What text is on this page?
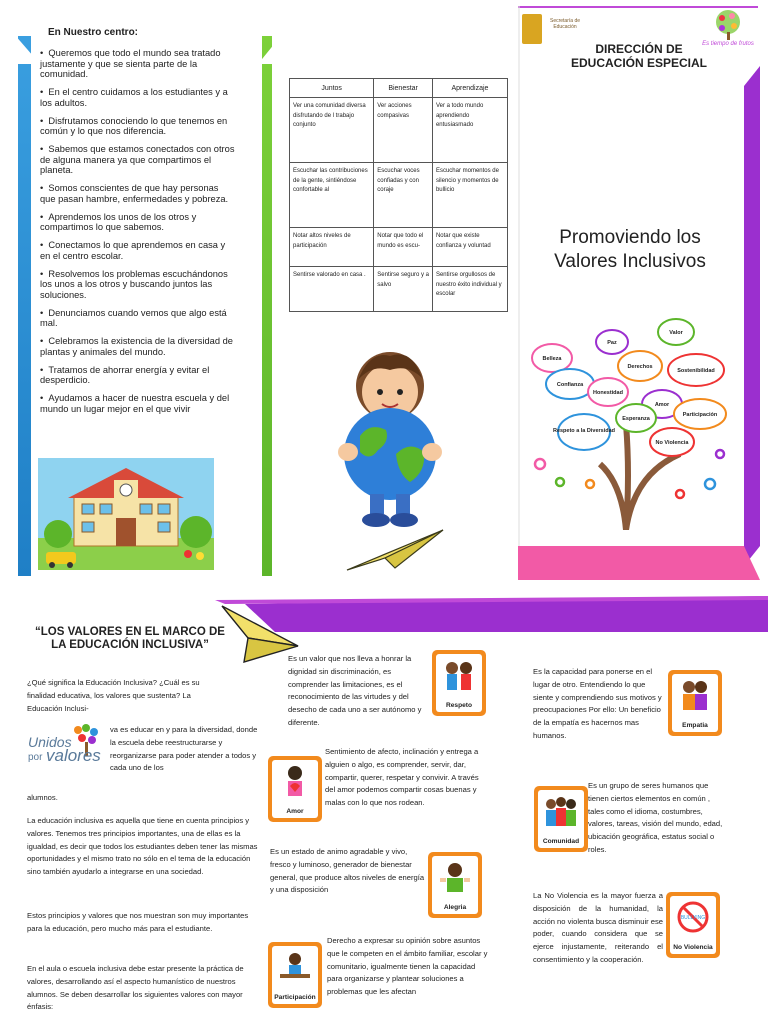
En Nuestro centro:
•  Queremos que todo el mundo sea tratado justamente y que se sienta parte de la comunidad.
•  En el centro cuidamos a los estudiantes y a los adultos.
•  Disfrutamos conociendo lo que tenemos en común y lo que nos diferencia.
•  Sabemos que estamos conectados con otros de alguna manera ya que compartimos el planeta.
•  Somos conscientes de que hay personas que pasan hambre, enfermedades y pobreza.
•  Aprendemos los unos de los otros y compartimos lo que sabemos.
•  Conectamos lo que aprendemos en casa y en el centro escolar.
•  Resolvemos los problemas escuchándonos los unos a los otros y buscando juntos las soluciones.
•  Denunciamos cuando vemos que algo está mal.
•  Celebramos la existencia de la diversidad de plantas y animales del mundo.
•  Tratamos de ahorrar energía y evitar el desperdicio.
•  Ayudamos a hacer de nuestra escuela y del mundo un lugar mejor en el que vivir
Juntos	Bienestar	Aprendizaje
Ver una comunidad diversa disfrutando de l trabajo conjunto	Ver acciones compasivas	Ver a todo mundo aprendiendo entusiasmado
Escuchar las contribuciones de la gente, sintiéndose confortable al	Escuchar voces confiadas y con coraje	Escuchar momentos de silencio y momentos de bullicio
Notar altos niveles de participación	Notar que todo el mundo es escu-	Notar que existe confianza y voluntad
Sentirse valorado en casa .	Sentirse seguro y a salvo	Sentirse orgullosos de nuestro éxito individual y escolar
Secretaría de Educación
Es tiempo de frutos
DIRECCIÓN DE EDUCACIÓN ESPECIAL
Promoviendo los Valores Inclusivos
Belleza
Paz
Valor
Derechos
Sostenibilidad
Confianza
Honestidad
Amor
Esperanza
Participación
Respeto a la Diversidad
No Violencia
“LOS VALORES EN EL MARCO DE LA EDUCACIÓN INCLUSIVA”
¿Qué significa la Educación Inclusiva? ¿Cuál es su finalidad educativa, los valores que sustenta? La Educación Inclusi-
Unidos
por valores
va es educar en y para la diversidad, donde la escuela debe reestructurarse y reorganizarse para poder atender a todos y cada uno de los
alumnos.
La educación inclusiva es aquella que tiene en cuenta principios y valores. Tenemos tres principios importantes, una de ellas es la igualdad, es decir que todos los estudiantes deben tener las mismas oportunidades y el mismo trato no sólo en el tema de la educación sino también ayudarlo a integrarse en una sociedad.
Estos principios y valores que nos muestran son muy importantes para la educación, pero mucho más para el estudiante.
En el aula o escuela inclusiva debe estar presente la práctica de valores, desarrollando así el aspecto humanístico de nuestros alumnos. Se deben desarrollar los siguientes valores con mayor énfasis:
Respeto
Es un valor que nos lleva a honrar la dignidad sin discriminación, es comprender las limitaciones, es el reconocimiento de las virtudes y del desecho de cada uno a ser autónomo y diferente.
Amor
Sentimiento de afecto, inclinación y entrega a alguien o algo, es comprender, servir, dar, compartir, querer, respetar y convivir. A través del amor podemos compartir cosas buenas y malas con lo que nos rodean.
Alegria
Es un estado de animo agradable y vivo, fresco y luminoso, generador de bienestar general, que produce altos niveles de energía y una disposición
Participación
Derecho a expresar su opinión sobre asuntos que le competen en el ámbito familiar, escolar y comunitario, igualmente tienen la capacidad para organizarse y plantear soluciones a problemas que les afectan
Empatia
Es la capacidad para ponerse en el lugar de otro. Entendiendo lo que siente y comprendiendo sus motivos y preocupaciones Por ello: Un beneficio de la empatía es hacernos mas humanos.
Comunidad
Es un grupo de seres humanos que tienen ciertos elementos en común , tales como el idioma, costumbres, valores, tareas, visión del mundo, edad, ubicación geográfica, estatus social o roles.
BULLYING
No Violencia
La No Violencia es la mayor fuerza a disposición de la humanidad, la acción no violenta busca disminuir ese poder, cuando considera que se ejerce injustamente, reiterando el consentimiento y la cooperación.
